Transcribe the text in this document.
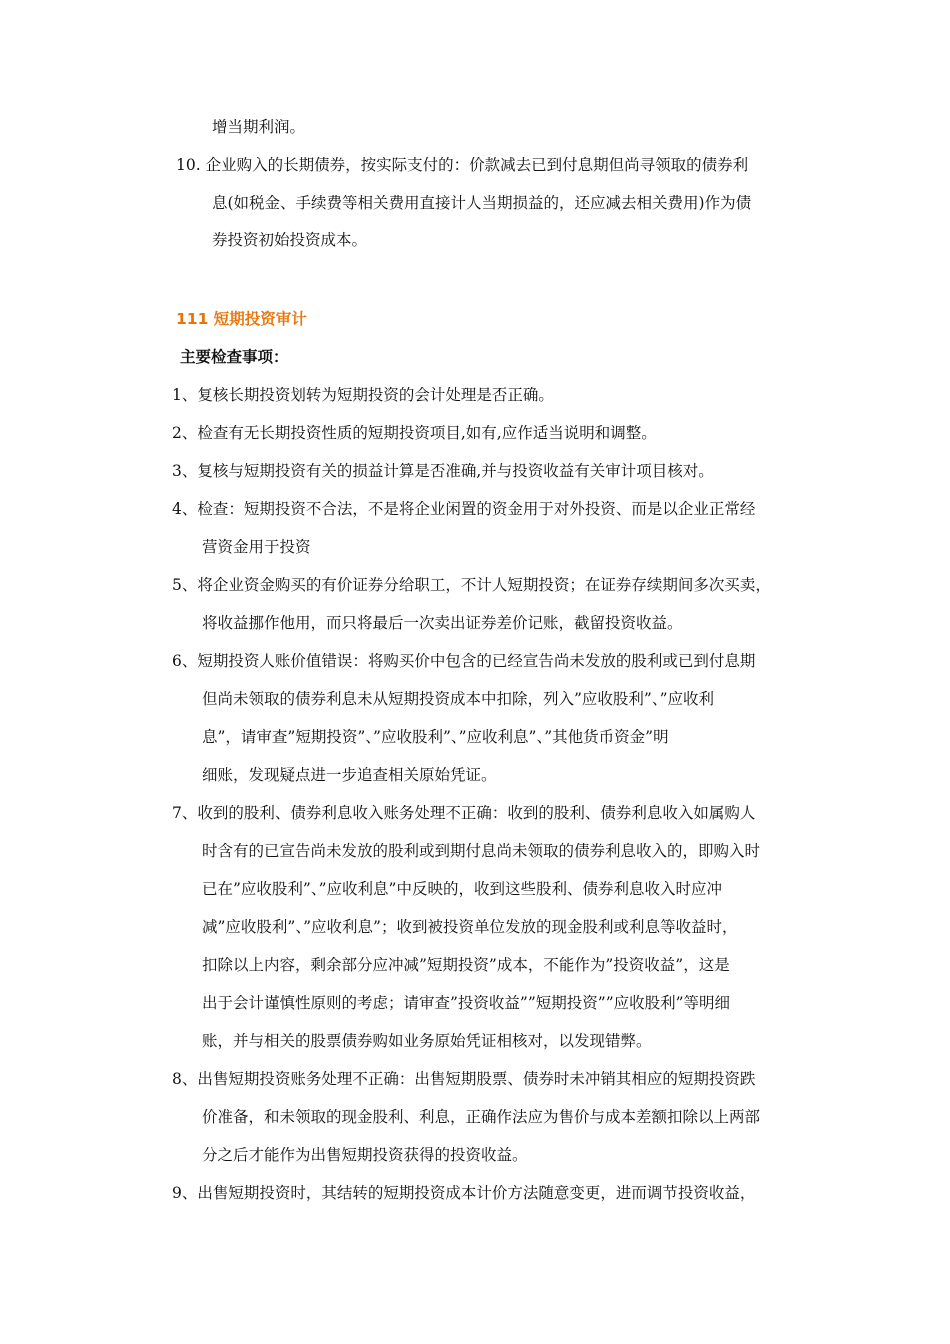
增当期利润。
10. 企业购入的长期债券，按实际支付的：价款减去已到付息期但尚寻领取的债券利
息(如税金、手续费等相关费用直接计人当期损益的，还应减去相关费用)作为债
券投资初始投资成本。
111 短期投资审计
主要检查事项：
1、复核长期投资划转为短期投资的会计处理是否正确。
2、检查有无长期投资性质的短期投资项目,如有,应作适当说明和调整。
3、复核与短期投资有关的损益计算是否准确,并与投资收益有关审计项目核对。
4、检查：短期投资不合法，不是将企业闲置的资金用于对外投资、而是以企业正常经
营资金用于投资
5、将企业资金购买的有价证券分给职工，不计人短期投资；在证券存续期间多次买卖，
将收益挪作他用，而只将最后一次卖出证券差价记账，截留投资收益。
6、短期投资人账价值错误：将购买价中包含的已经宣告尚未发放的股利或已到付息期
但尚未领取的债券利息未从短期投资成本中扣除，列入”应收股利”、”应收利
息”，请审查”短期投资”、”应收股利”、”应收利息”、”其他货币资金”明
细账，发现疑点进一步追查相关原始凭证。
7、收到的股利、债券利息收入账务处理不正确：收到的股利、债券利息收入如属购人
时含有的已宣告尚未发放的股利或到期付息尚未领取的债券利息收入的，即购入时
已在”应收股利”、”应收利息”中反映的，收到这些股利、债券利息收入时应冲
减”应收股利”、”应收利息”；收到被投资单位发放的现金股利或利息等收益时，
扣除以上内容，剩余部分应冲减”短期投资”成本，不能作为”投资收益”，这是
出于会计谨慎性原则的考虑；请审查”投资收益””短期投资””应收股利”等明细
账，并与相关的股票债券购如业务原始凭证相核对，以发现错弊。
8、出售短期投资账务处理不正确：出售短期股票、债券时未冲销其相应的短期投资跌
价准备，和未领取的现金股利、利息，正确作法应为售价与成本差额扣除以上两部
分之后才能作为出售短期投资获得的投资收益。
9、出售短期投资时，其结转的短期投资成本计价方法随意变更，进而调节投资收益，
